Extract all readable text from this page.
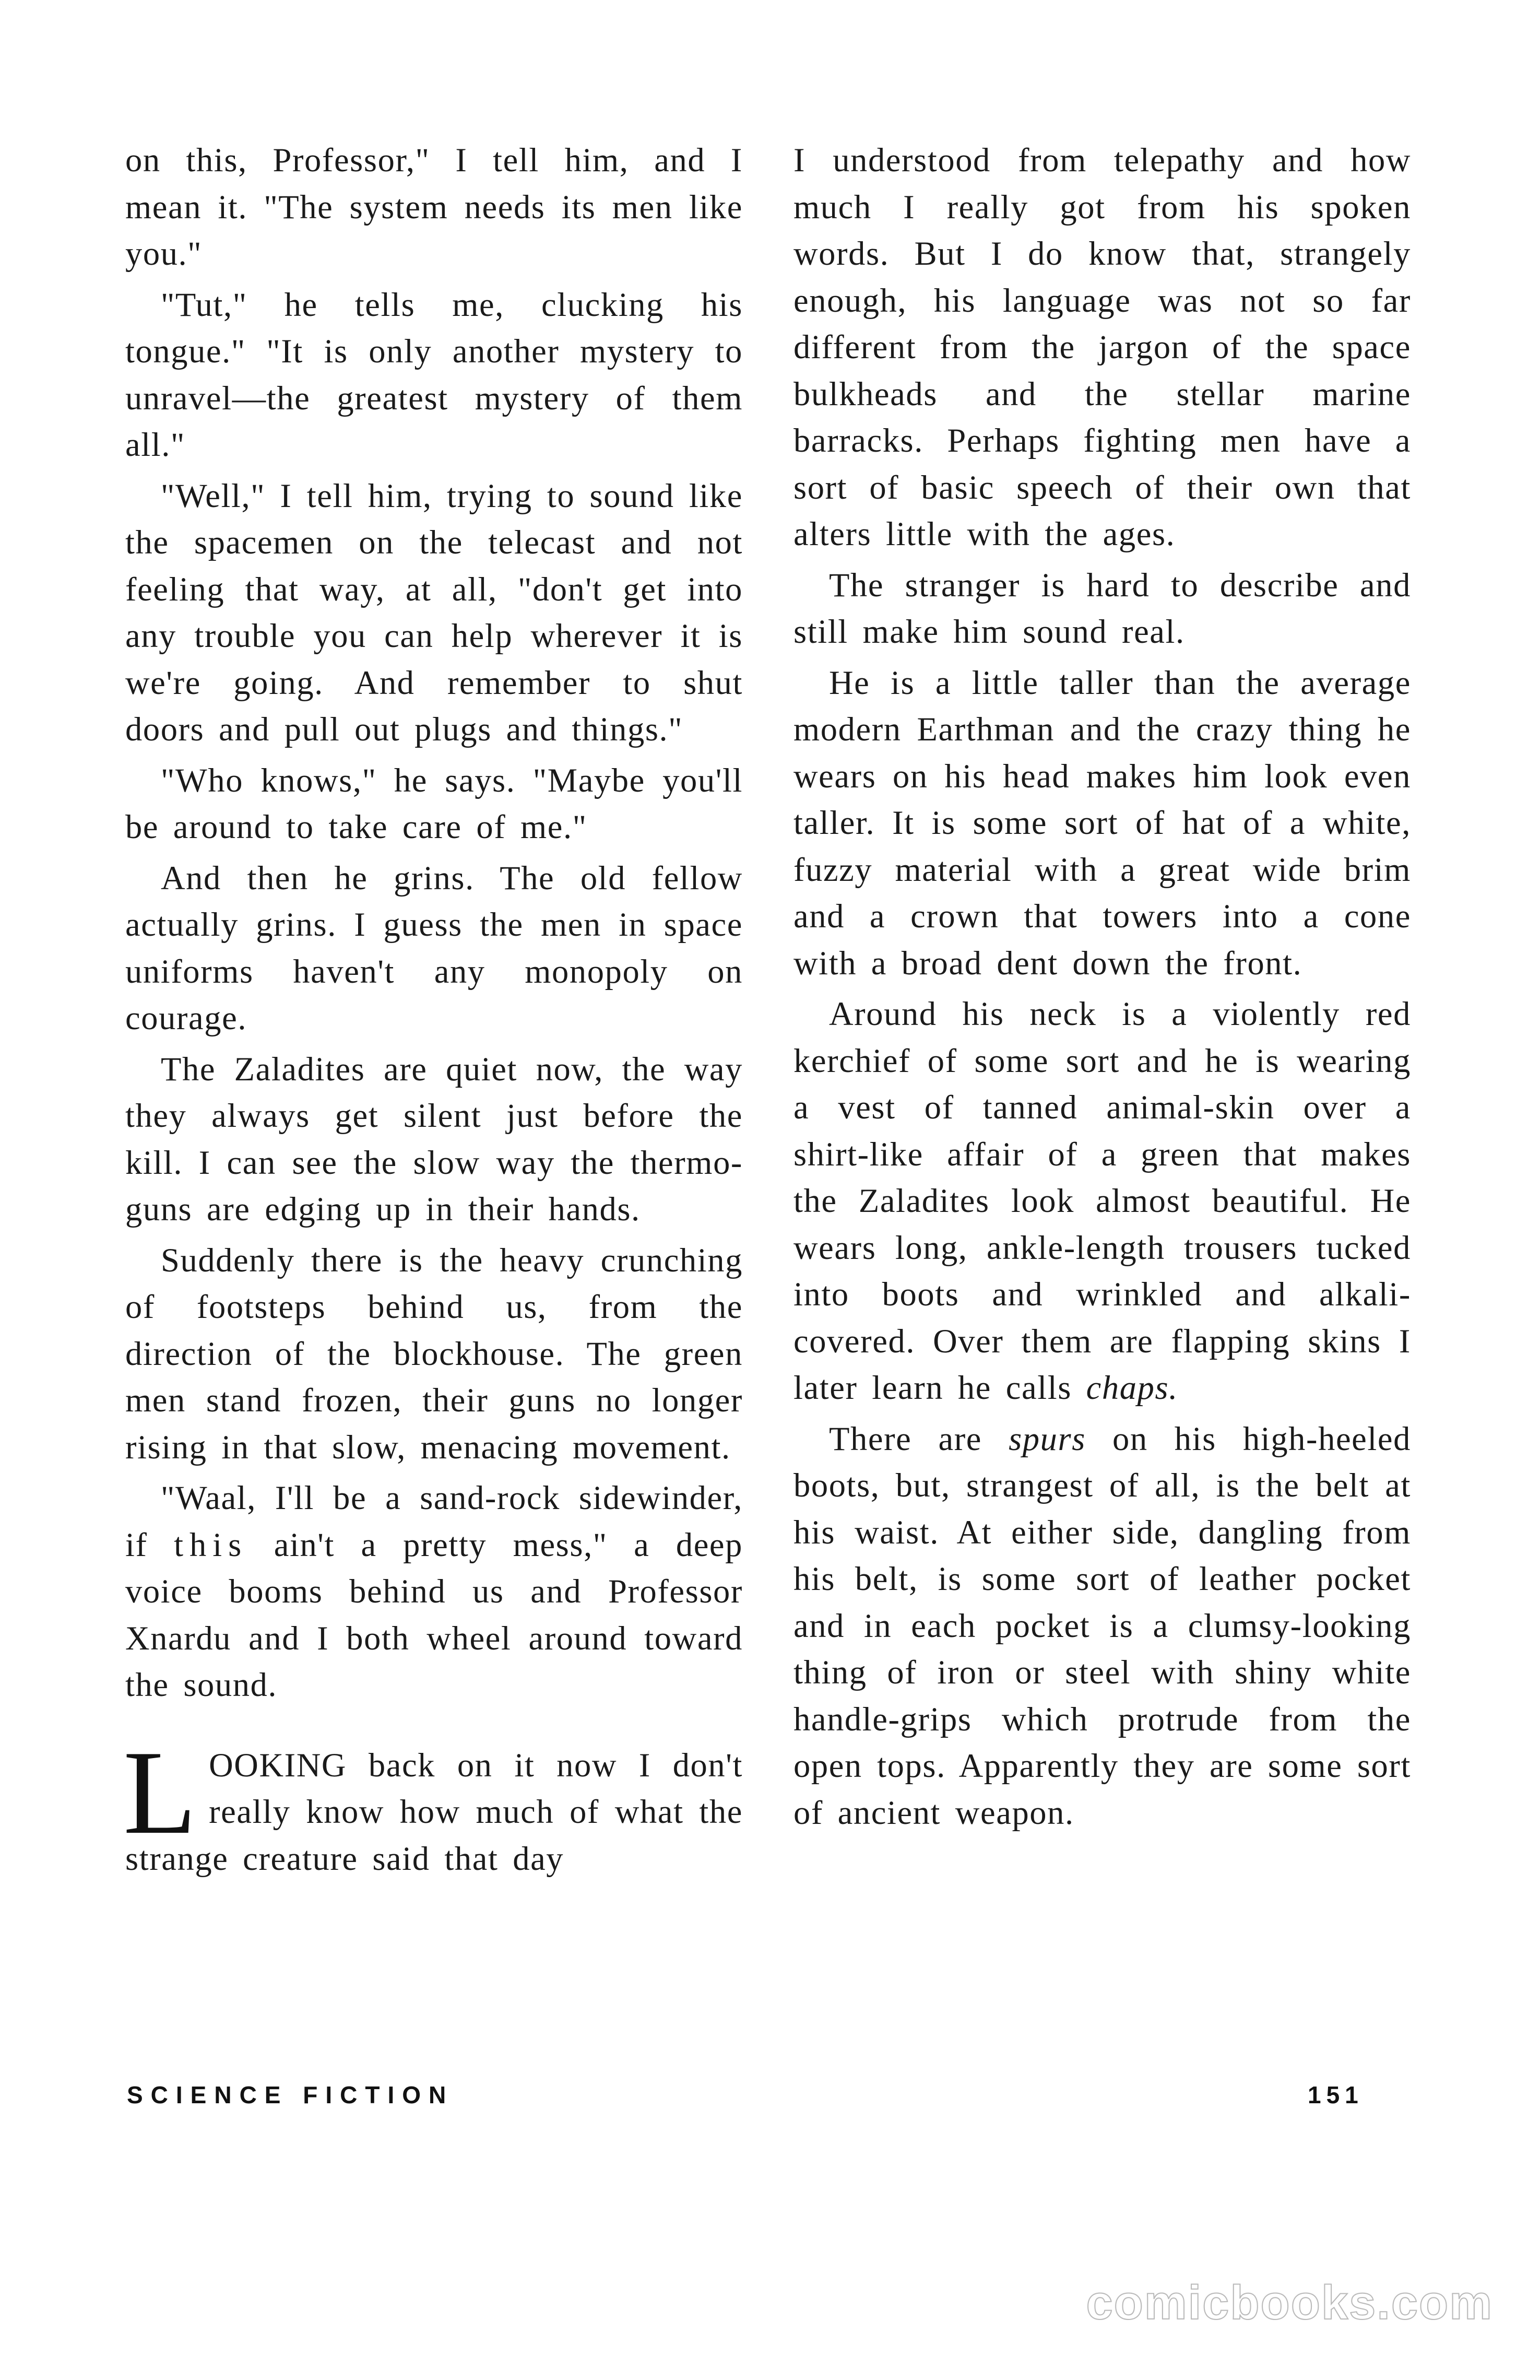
on this, Professor," I tell him, and I mean it. "The system needs its men like you."

"Tut," he tells me, clucking his tongue." "It is only another mystery to unravel—the greatest mystery of them all."

"Well," I tell him, trying to sound like the spacemen on the telecast and not feeling that way, at all, "don't get into any trouble you can help wherever it is we're going. And remember to shut doors and pull out plugs and things."

"Who knows," he says. "Maybe you'll be around to take care of me."

And then he grins. The old fellow actually grins. I guess the men in space uniforms haven't any monopoly on courage.

The Zaladites are quiet now, the way they always get silent just before the kill. I can see the slow way the thermo-guns are edging up in their hands.

Suddenly there is the heavy crunching of footsteps behind us, from the direction of the blockhouse. The green men stand frozen, their guns no longer rising in that slow, menacing movement.

"Waal, I'll be a sand-rock sidewinder, if this ain't a pretty mess," a deep voice booms behind us and Professor Xnardu and I both wheel around toward the sound.

LOOKING back on it now I don't really know how much of what the strange creature said that day

I understood from telepathy and how much I really got from his spoken words. But I do know that, strangely enough, his language was not so far different from the jargon of the space bulkheads and the stellar marine barracks. Perhaps fighting men have a sort of basic speech of their own that alters little with the ages.

The stranger is hard to describe and still make him sound real.

He is a little taller than the average modern Earthman and the crazy thing he wears on his head makes him look even taller. It is some sort of hat of a white, fuzzy material with a great wide brim and a crown that towers into a cone with a broad dent down the front.

Around his neck is a violently red kerchief of some sort and he is wearing a vest of tanned animal-skin over a shirt-like affair of a green that makes the Zaladites look almost beautiful. He wears long, ankle-length trousers tucked into boots and wrinkled and alkali-covered. Over them are flapping skins I later learn he calls chaps.

There are spurs on his high-heeled boots, but, strangest of all, is the belt at his waist. At either side, dangling from his belt, is some sort of leather pocket and in each pocket is a clumsy-looking thing of iron or steel with shiny white handle-grips which protrude from the open tops. Apparently they are some sort of ancient weapon.

SCIENCE FICTION	151
comicbooks.com
